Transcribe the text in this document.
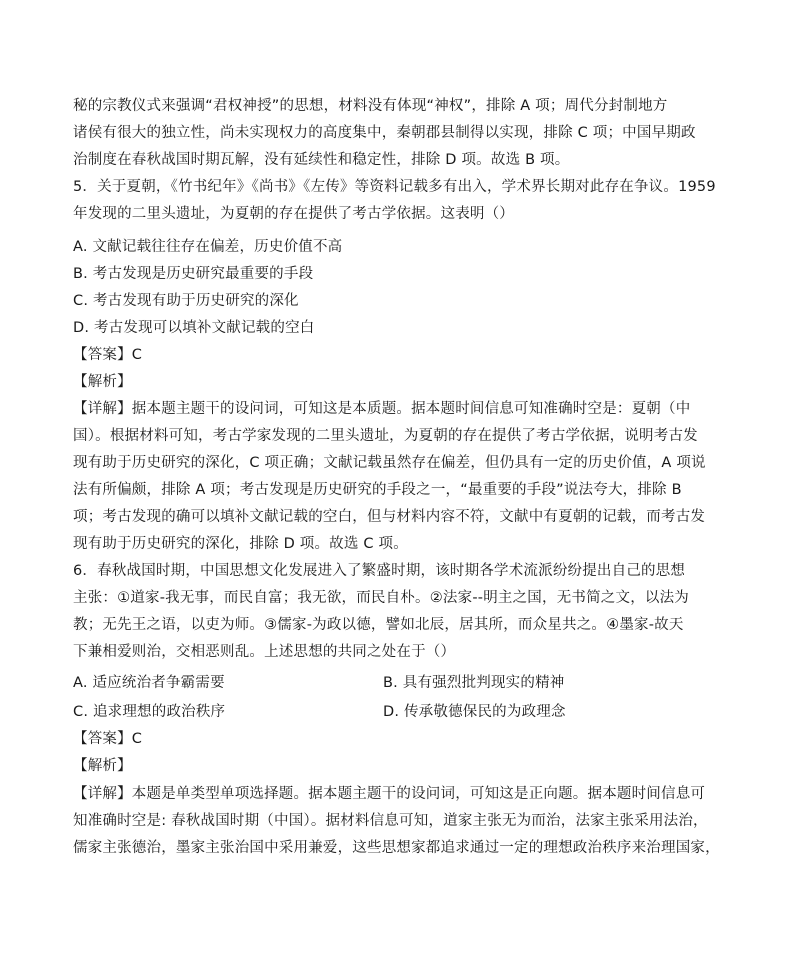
秘的宗教仪式来强调“君权神授”的思想，材料没有体现“神权”，排除 A 项；周代分封制地方
诸侯有很大的独立性，尚未实现权力的高度集中，秦朝郡县制得以实现，排除 C 项；中国早期政
治制度在春秋战国时期瓦解，没有延续性和稳定性，排除 D 项。故选 B 项。
5．关于夏朝，《竹书纪年》《尚书》《左传》等资料记载多有出入，学术界长期对此存在争议。1959
年发现的二里头遗址，为夏朝的存在提供了考古学依据。这表明（）
A. 文献记载往往存在偏差，历史价值不高
B. 考古发现是历史研究最重要的手段
C. 考古发现有助于历史研究的深化
D. 考古发现可以填补文献记载的空白
【答案】C
【解析】
【详解】据本题主题干的设问词，可知这是本质题。据本题时间信息可知准确时空是：夏朝（中
国）。根据材料可知，考古学家发现的二里头遗址，为夏朝的存在提供了考古学依据，说明考古发
现有助于历史研究的深化，C 项正确；文献记载虽然存在偏差，但仍具有一定的历史价值，A 项说
法有所偏颇，排除 A 项；考古发现是历史研究的手段之一，“最重要的手段”说法夸大，排除 B
项；考古发现的确可以填补文献记载的空白，但与材料内容不符，文献中有夏朝的记载，而考古发
现有助于历史研究的深化，排除 D 项。故选 C 项。
6．春秋战国时期，中国思想文化发展进入了繁盛时期，该时期各学术流派纷纷提出自己的思想
主张：①道家-我无事，而民自富；我无欲，而民自朴。②法家--明主之国，无书简之文，以法为
教；无先王之语，以吏为师。③儒家-为政以德，譬如北辰，居其所，而众星共之。④墨家-故天
下兼相爱则治，交相恶则乱。上述思想的共同之处在于（）
A. 适应统治者争霸需要	B. 具有强烈批判现实的精神
C. 追求理想的政治秩序	D. 传承敬德保民的为政理念
【答案】C
【解析】
【详解】本题是单类型单项选择题。据本题主题干的设问词，可知这是正向题。据本题时间信息可
知准确时空是: 春秋战国时期（中国）。据材料信息可知，道家主张无为而治，法家主张采用法治，
儒家主张德治，墨家主张治国中采用兼爱，这些思想家都追求通过一定的理想政治秩序来治理国家，
